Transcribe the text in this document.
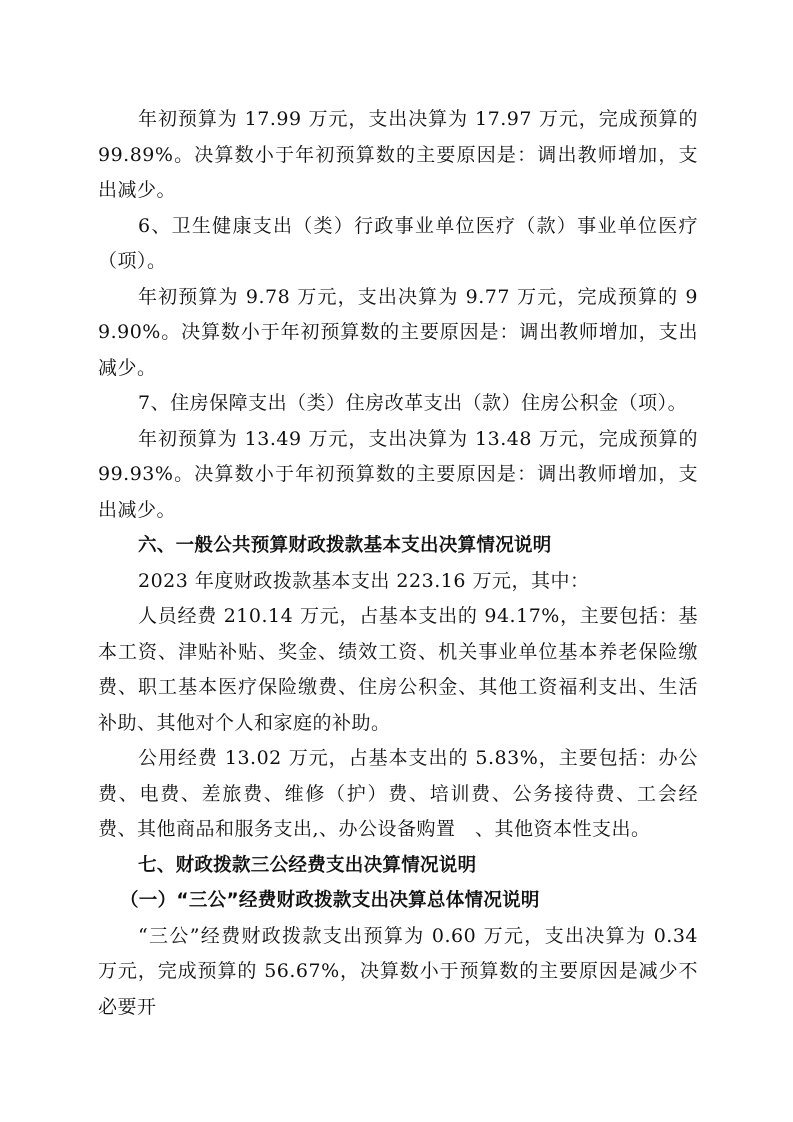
年初预算为 17.99 万元，支出决算为 17.97 万元，完成预算的 99.89%。决算数小于年初预算数的主要原因是：调出教师增加，支出减少。

6、卫生健康支出（类）行政事业单位医疗（款）事业单位医疗（项）。

年初预算为 9.78 万元，支出决算为 9.77 万元，完成预算的 99.90%。决算数小于年初预算数的主要原因是：调出教师增加，支出减少。

7、住房保障支出（类）住房改革支出（款）住房公积金（项）。

年初预算为 13.49 万元，支出决算为 13.48 万元，完成预算的 99.93%。决算数小于年初预算数的主要原因是：调出教师增加，支出减少。

六、一般公共预算财政拨款基本支出决算情况说明

2023 年度财政拨款基本支出 223.16 万元，其中：

人员经费 210.14 万元，占基本支出的 94.17%，主要包括：基本工资、津贴补贴、奖金、绩效工资、机关事业单位基本养老保险缴费、职工基本医疗保险缴费、住房公积金、其他工资福利支出、生活补助、其他对个人和家庭的补助。

公用经费 13.02 万元，占基本支出的 5.83%，主要包括：办公费、电费、差旅费、维修（护）费、培训费、公务接待费、工会经费、其他商品和服务支出,、办公设备购置　、其他资本性支出。

七、财政拨款三公经费支出决算情况说明

（一）“三公”经费财政拨款支出决算总体情况说明

“三公”经费财政拨款支出预算为 0.60 万元，支出决算为 0.34 万元，完成预算的 56.67%，决算数小于预算数的主要原因是减少不必要开
